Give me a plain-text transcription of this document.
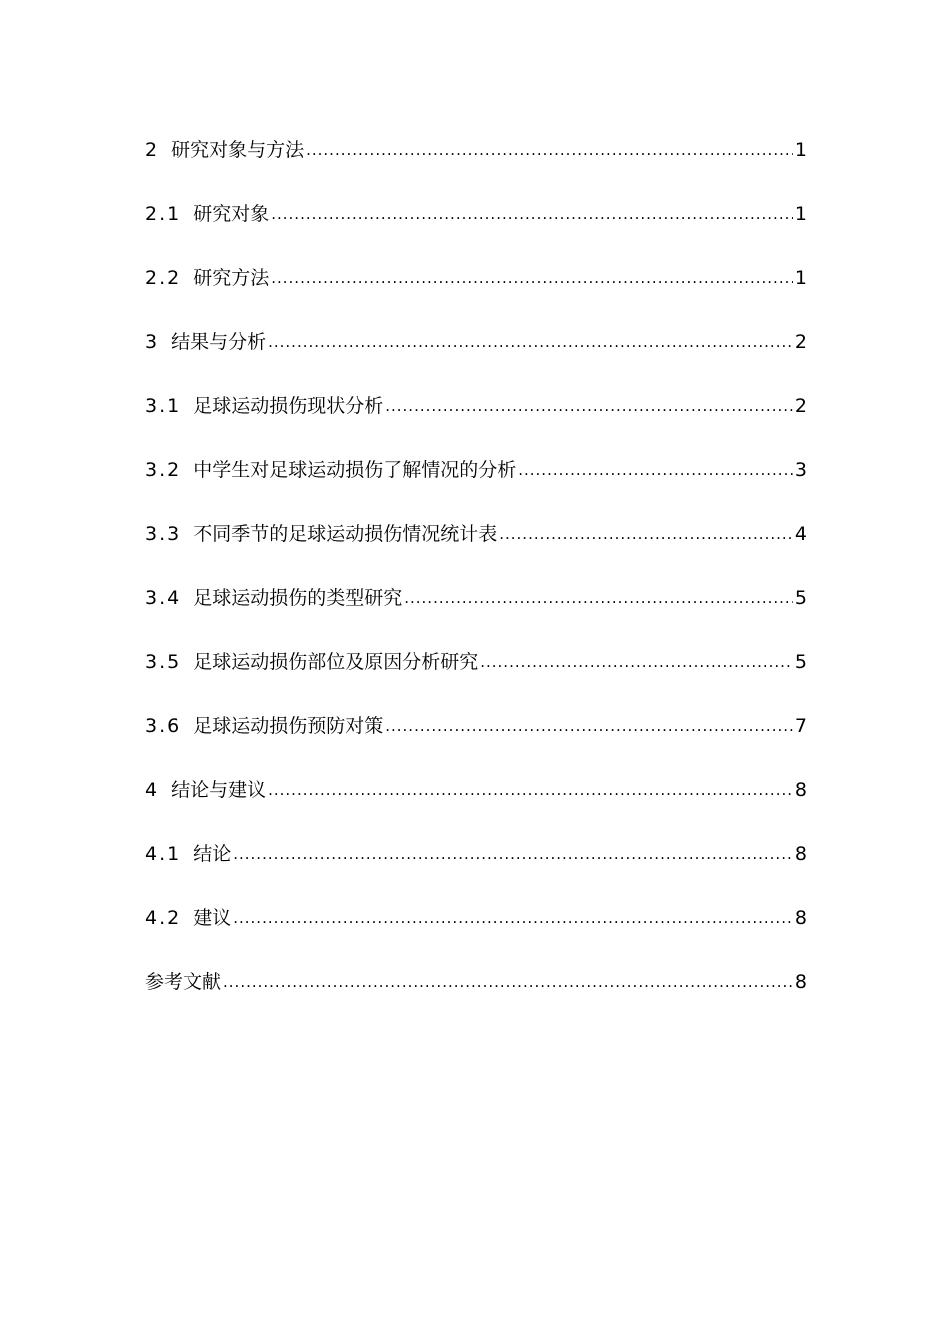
2 研究对象与方法 .....	1
2.1 研究对象 .....	1
2.2 研究方法 .....	1
3 结果与分析 .....	2
3.1 足球运动损伤现状分析 .....	2
3.2 中学生对足球运动损伤了解情况的分析 .....	3
3.3 不同季节的足球运动损伤情况统计表 .....	4
3.4 足球运动损伤的类型研究 .....	5
3.5 足球运动损伤部位及原因分析研究 .....	5
3.6 足球运动损伤预防对策 .....	7
4 结论与建议 .....	8
4.1 结论 .....	8
4.2 建议 .....	8
参考文献 .....	8
